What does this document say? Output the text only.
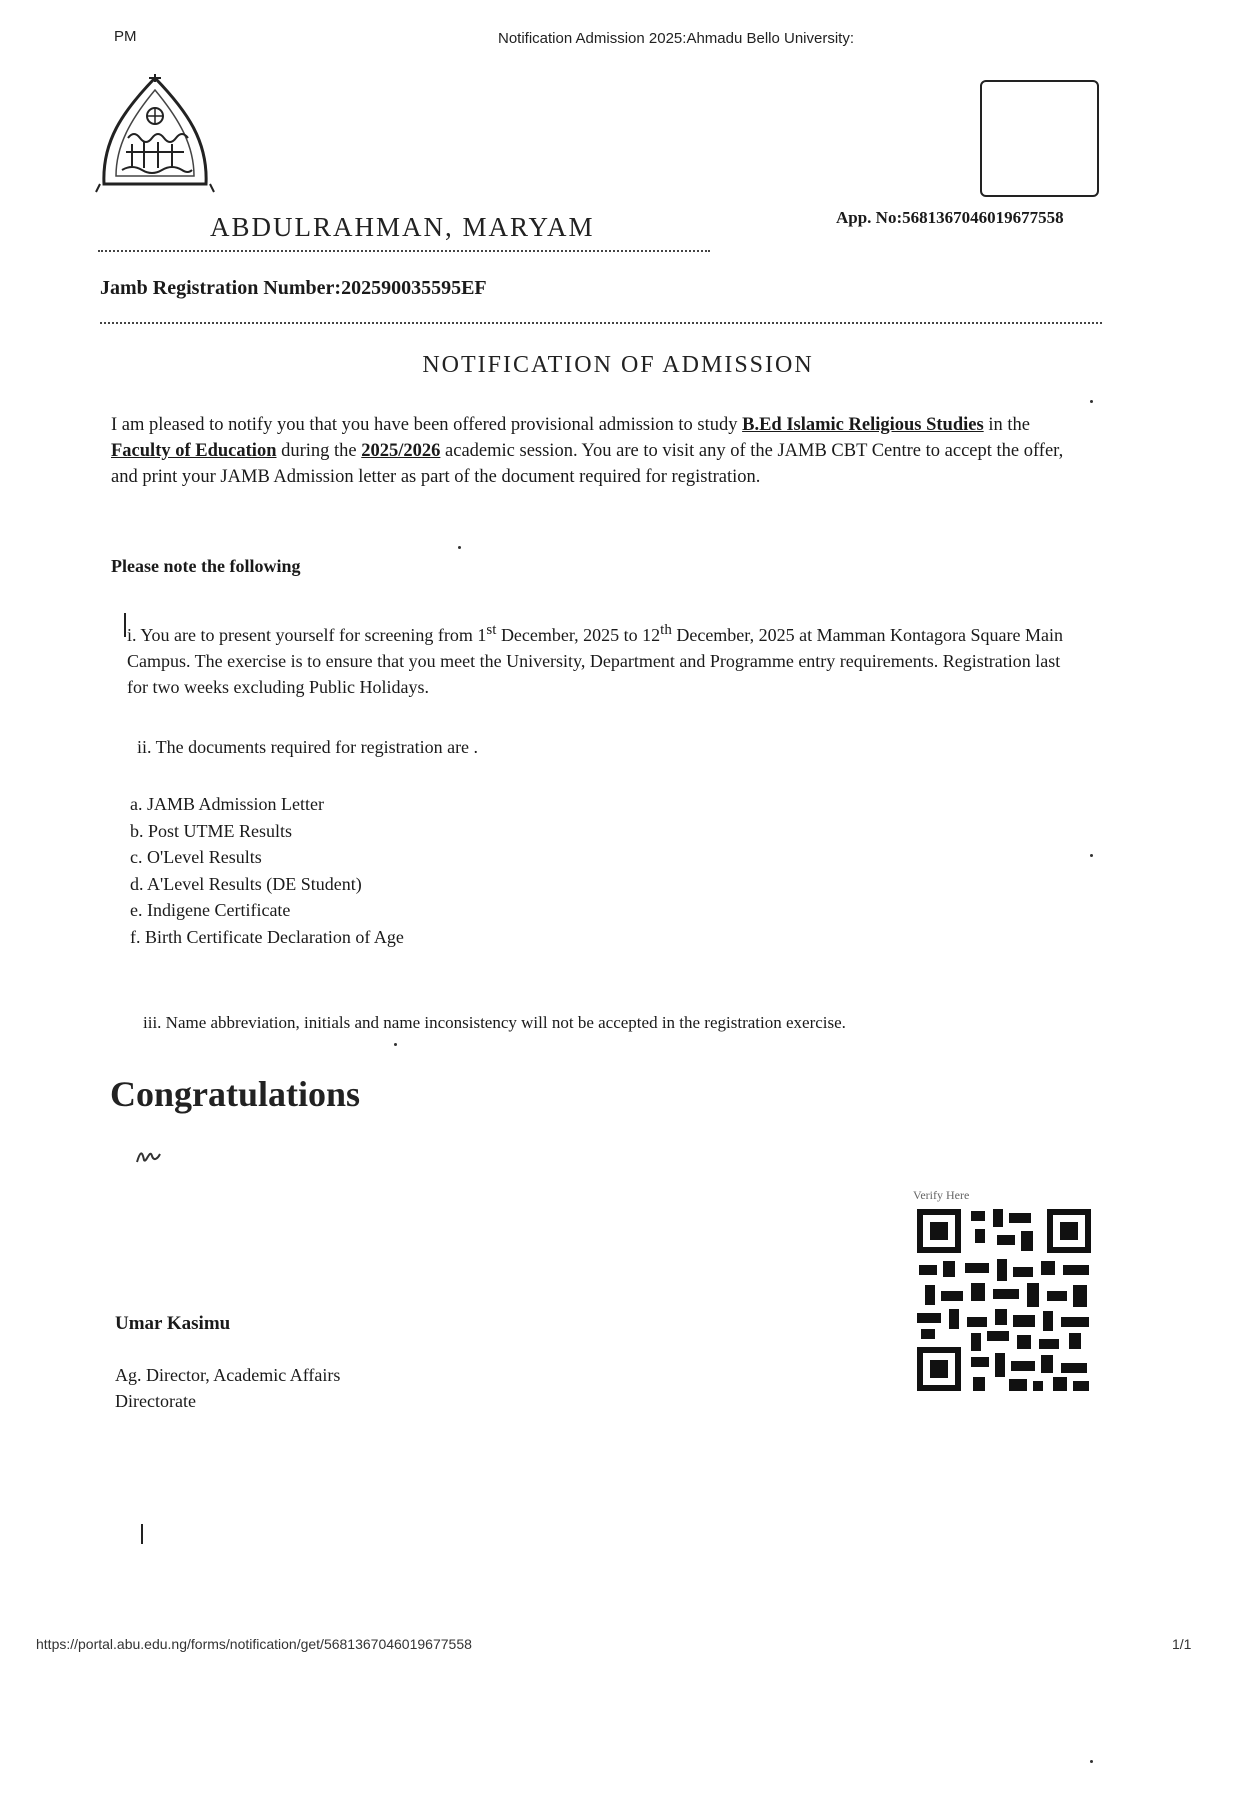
PM	Notification Admission 2025:Ahmadu Bello University:
ABDULRAHMAN, MARYAM	App. No:5681367046019677558
Jamb Registration Number:202590035595EF
NOTIFICATION OF ADMISSION
I am pleased to notify you that you have been offered provisional admission to study B.Ed Islamic Religious Studies in the Faculty of Education during the 2025/2026 academic session. You are to visit any of the JAMB CBT Centre to accept the offer, and print your JAMB Admission letter as part of the document required for registration.
Please note the following
i. You are to present yourself for screening from 1st December, 2025 to 12th December, 2025 at Mamman Kontagora Square Main Campus. The exercise is to ensure that you meet the University, Department and Programme entry requirements. Registration last for two weeks excluding Public Holidays.
ii. The documents required for registration are .
a. JAMB Admission Letter
b. Post UTME Results
c. O'Level Results
d. A'Level Results (DE Student)
e. Indigene Certificate
f. Birth Certificate Declaration of Age
iii. Name abbreviation, initials and name inconsistency will not be accepted in the registration exercise.
Congratulations
Umar Kasimu
Ag. Director, Academic Affairs
Directorate
Verify Here
https://portal.abu.edu.ng/forms/notification/get/5681367046019677558	1/1
